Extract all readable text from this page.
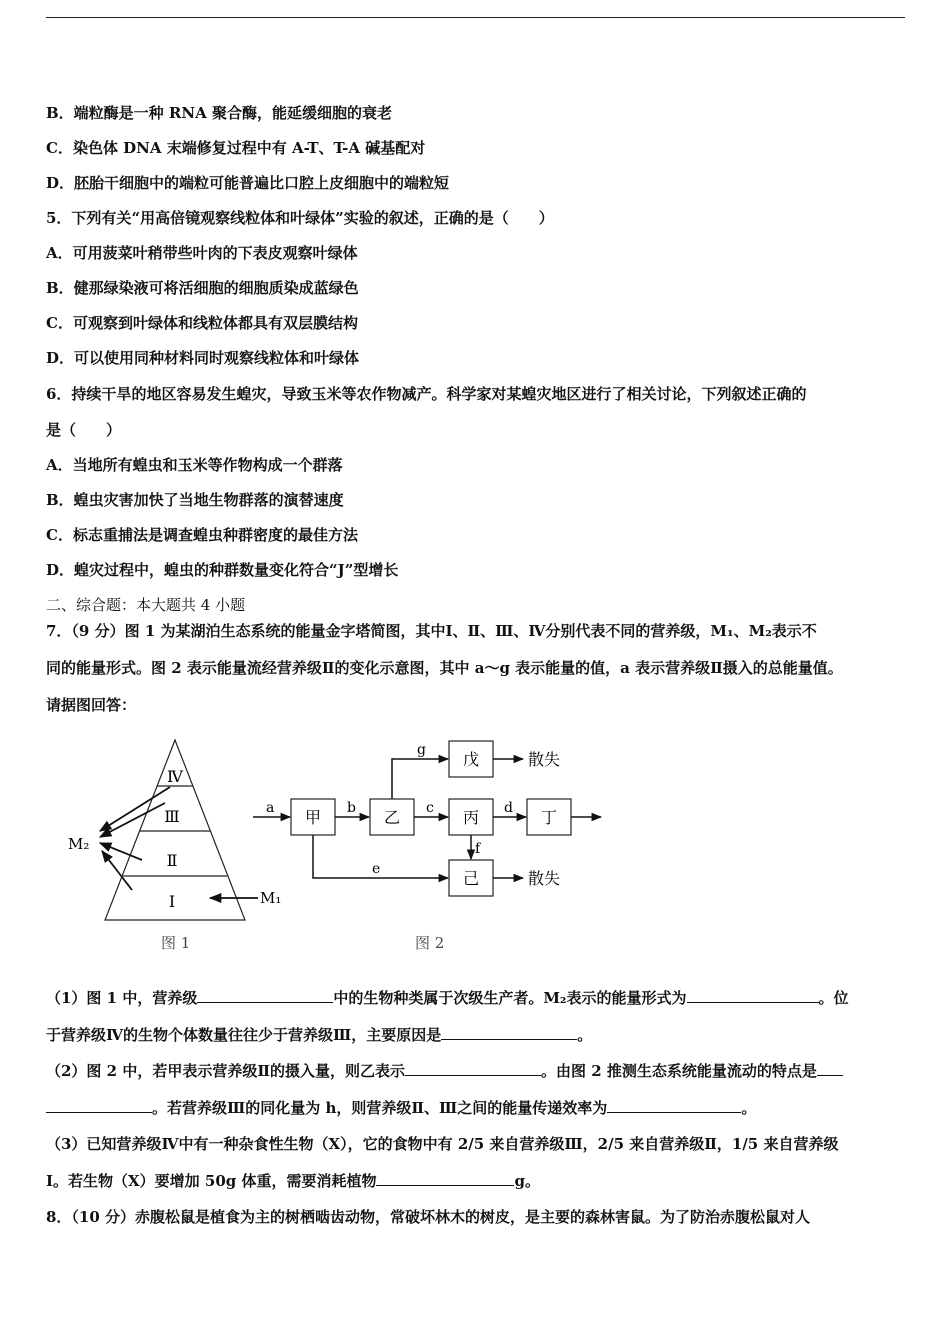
B．端粒酶是一种 RNA 聚合酶，能延缓细胞的衰老
C．染色体 DNA 末端修复过程中有 A-T、T-A 碱基配对
D．胚胎干细胞中的端粒可能普遍比口腔上皮细胞中的端粒短
5．下列有关“用高倍镜观察线粒体和叶绿体”实验的叙述，正确的是（　　）
A．可用菠菜叶稍带些叶肉的下表皮观察叶绿体
B．健那绿染液可将活细胞的细胞质染成蓝绿色
C．可观察到叶绿体和线粒体都具有双层膜结构
D．可以使用同种材料同时观察线粒体和叶绿体
6．持续干旱的地区容易发生蝗灾，导致玉米等农作物减产。科学家对某蝗灾地区进行了相关讨论，下列叙述正确的
是（　　）
A．当地所有蝗虫和玉米等作物构成一个群落
B．蝗虫灾害加快了当地生物群落的演替速度
C．标志重捕法是调查蝗虫种群密度的最佳方法
D．蝗灾过程中，蝗虫的种群数量变化符合“J”型增长
二、综合题：本大题共 4 小题
7．（9 分）图 1 为某湖泊生态系统的能量金字塔简图，其中Ⅰ、Ⅱ、Ⅲ、Ⅳ分别代表不同的营养级，M₁、M₂表示不
同的能量形式。图 2 表示能量流经营养级Ⅱ的变化示意图，其中 a～g 表示能量的值，a 表示营养级Ⅱ摄入的总能量值。
请据图回答：
Ⅳ
Ⅲ
Ⅱ
Ⅰ
M₂
M₁
图 1
甲	乙	丙	丁
戊
己
a	b	c	d
g	散失
f
e	散失
图 2
（1）图 1 中，营养级	中的生物种类属于次级生产者。M₂表示的能量形式为	。位
于营养级Ⅳ的生物个体数量往往少于营养级Ⅲ，主要原因是	。
（2）图 2 中，若甲表示营养级Ⅱ的摄入量，则乙表示	。由图 2 推测生态系统能量流动的特点是
。若营养级Ⅲ的同化量为 h，则营养级Ⅱ、Ⅲ之间的能量传递效率为	。
（3）已知营养级Ⅳ中有一种杂食性生物（X），它的食物中有 2/5 来自营养级Ⅲ，2/5 来自营养级Ⅱ，1/5 来自营养级
Ⅰ。若生物（X）要增加 50g 体重，需要消耗植物	g。
8．（10 分）赤腹松鼠是植食为主的树栖啮齿动物，常破坏林木的树皮，是主要的森林害鼠。为了防治赤腹松鼠对人
